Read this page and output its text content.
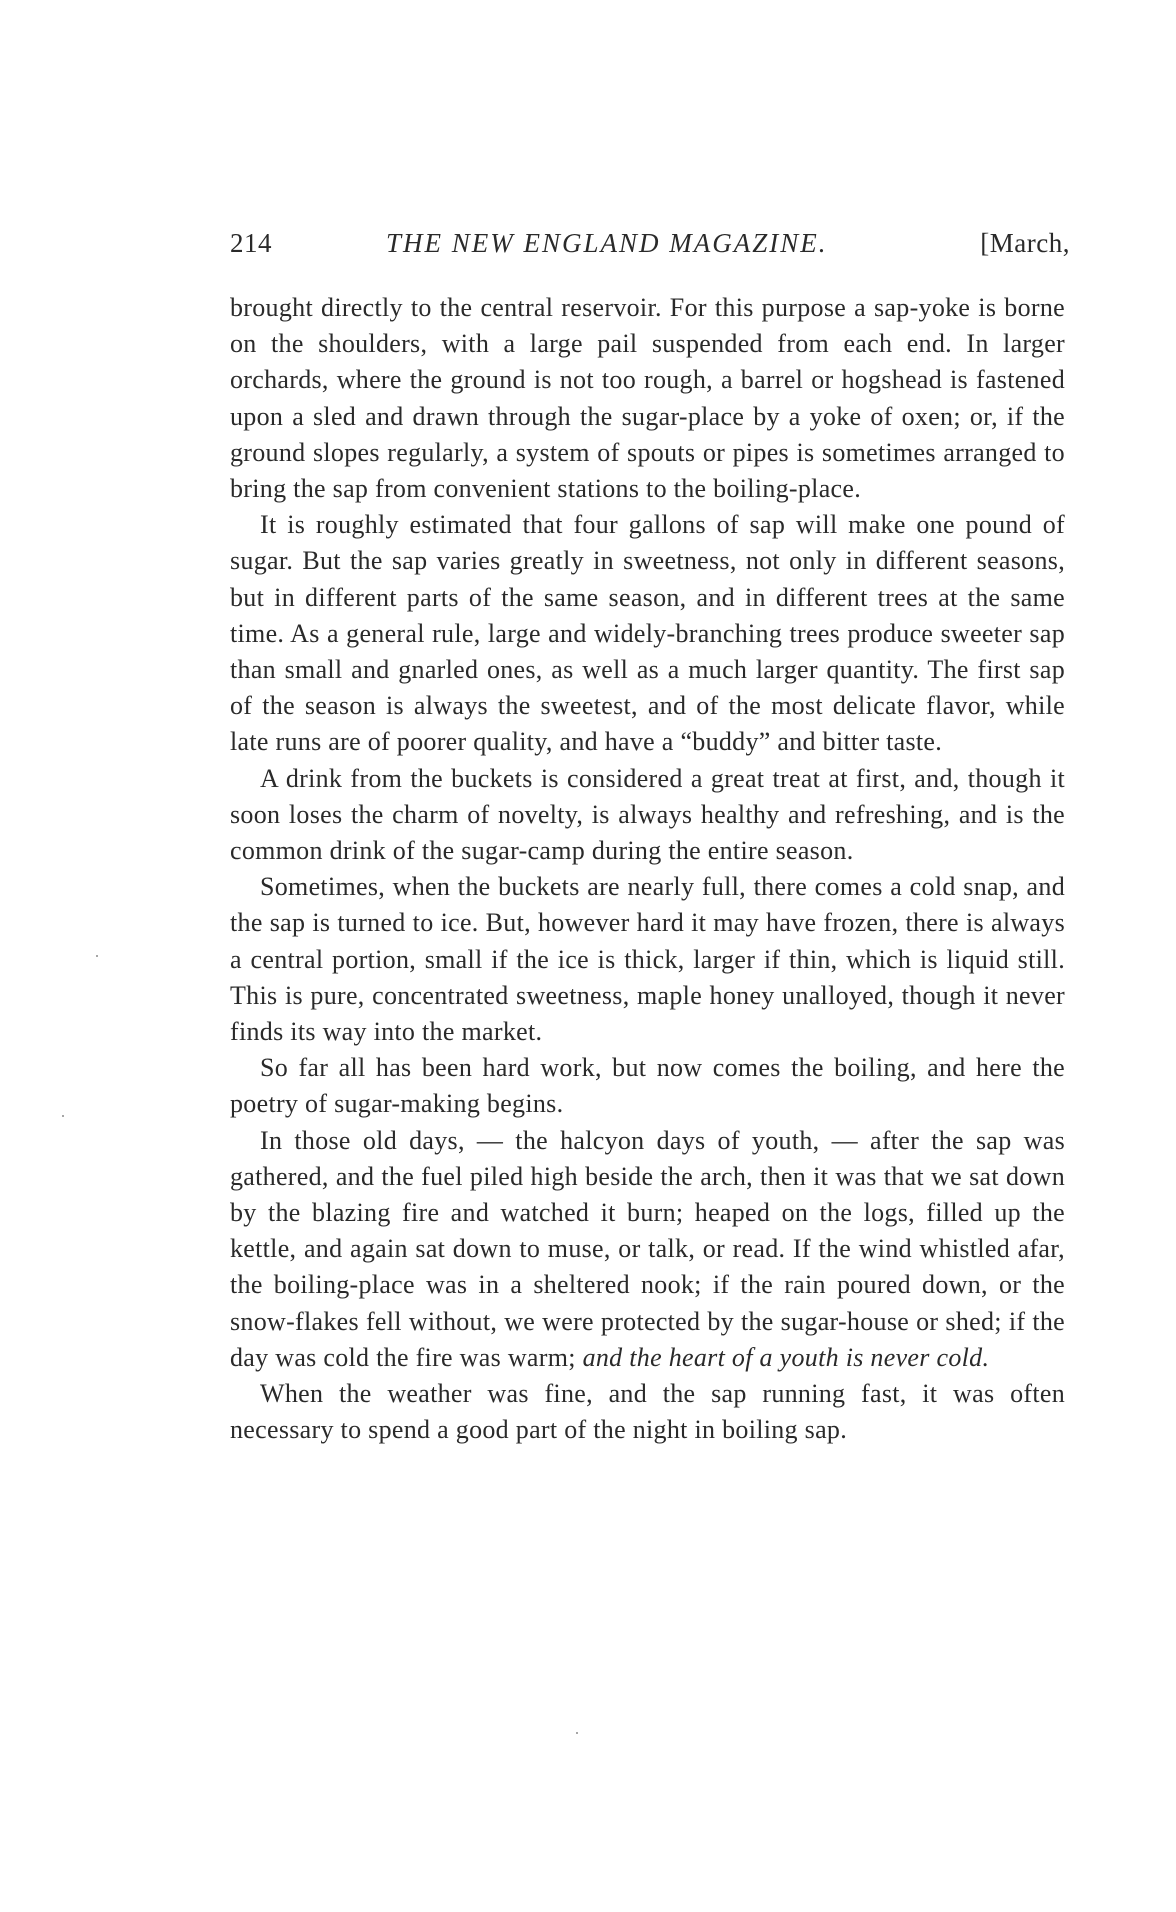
214	THE NEW ENGLAND MAGAZINE.	[March,

brought directly to the central reservoir. For this purpose a sap-yoke is borne on the shoulders, with a large pail suspended from each end. In larger orchards, where the ground is not too rough, a barrel or hogshead is fastened upon a sled and drawn through the sugar-place by a yoke of oxen; or, if the ground slopes regularly, a system of spouts or pipes is sometimes arranged to bring the sap from convenient stations to the boiling-place.

It is roughly estimated that four gallons of sap will make one pound of sugar. But the sap varies greatly in sweetness, not only in different seasons, but in different parts of the same season, and in different trees at the same time. As a general rule, large and widely-branching trees produce sweeter sap than small and gnarled ones, as well as a much larger quantity. The first sap of the season is always the sweetest, and of the most delicate flavor, while late runs are of poorer quality, and have a “buddy” and bitter taste.

A drink from the buckets is considered a great treat at first, and, though it soon loses the charm of novelty, is always healthy and refreshing, and is the common drink of the sugar-camp during the entire season.

Sometimes, when the buckets are nearly full, there comes a cold snap, and the sap is turned to ice. But, however hard it may have frozen, there is always a central portion, small if the ice is thick, larger if thin, which is liquid still. This is pure, concentrated sweetness, maple honey unalloyed, though it never finds its way into the market.

So far all has been hard work, but now comes the boiling, and here the poetry of sugar-making begins.

In those old days, — the halcyon days of youth, — after the sap was gathered, and the fuel piled high beside the arch, then it was that we sat down by the blazing fire and watched it burn; heaped on the logs, filled up the kettle, and again sat down to muse, or talk, or read. If the wind whistled afar, the boiling-place was in a sheltered nook; if the rain poured down, or the snow-flakes fell without, we were protected by the sugar-house or shed; if the day was cold the fire was warm; and the heart of a youth is never cold.

When the weather was fine, and the sap running fast, it was often necessary to spend a good part of the night in boiling sap.
